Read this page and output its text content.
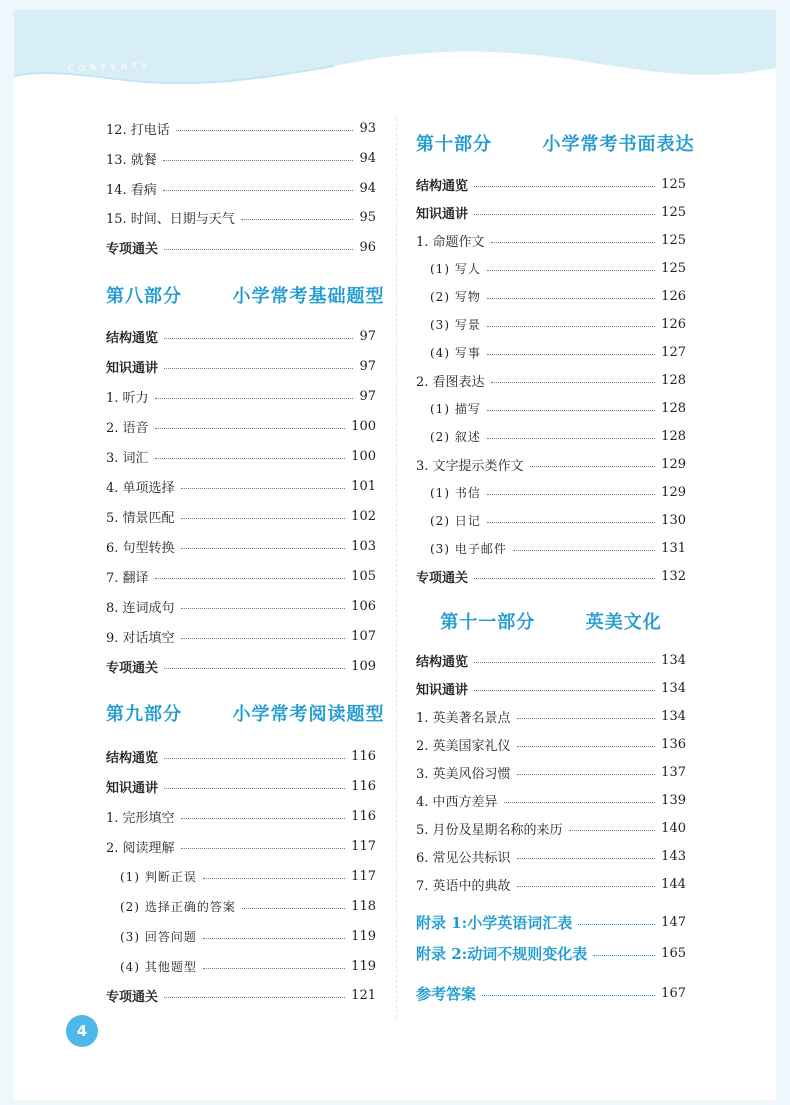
CONTENTS
12. 打电话	93
13. 就餐	94
14. 看病	94
15. 时间、日期与天气	95
专项通关	96
第八部分  小学常考基础题型
结构通览	97
知识通讲	97
1. 听力	97
2. 语音	100
3. 词汇	100
4. 单项选择	101
5. 情景匹配	102
6. 句型转换	103
7. 翻译	105
8. 连词成句	106
9. 对话填空	107
专项通关	109
第九部分  小学常考阅读题型
结构通览	116
知识通讲	116
1. 完形填空	116
2. 阅读理解	117
(1) 判断正误	117
(2) 选择正确的答案	118
(3) 回答问题	119
(4) 其他题型	119
专项通关	121
第十部分  小学常考书面表达
结构通览	125
知识通讲	125
1. 命题作文	125
(1) 写人	125
(2) 写物	126
(3) 写景	126
(4) 写事	127
2. 看图表达	128
(1) 描写	128
(2) 叙述	128
3. 文字提示类作文	129
(1) 书信	129
(2) 日记	130
(3) 电子邮件	131
专项通关	132
第十一部分  英美文化
结构通览	134
知识通讲	134
1. 英美著名景点	134
2. 英美国家礼仪	136
3. 英美风俗习惯	137
4. 中西方差异	139
5. 月份及星期名称的来历	140
6. 常见公共标识	143
7. 英语中的典故	144
附录 1:小学英语词汇表	147
附录 2:动词不规则变化表	165
参考答案	167
4
